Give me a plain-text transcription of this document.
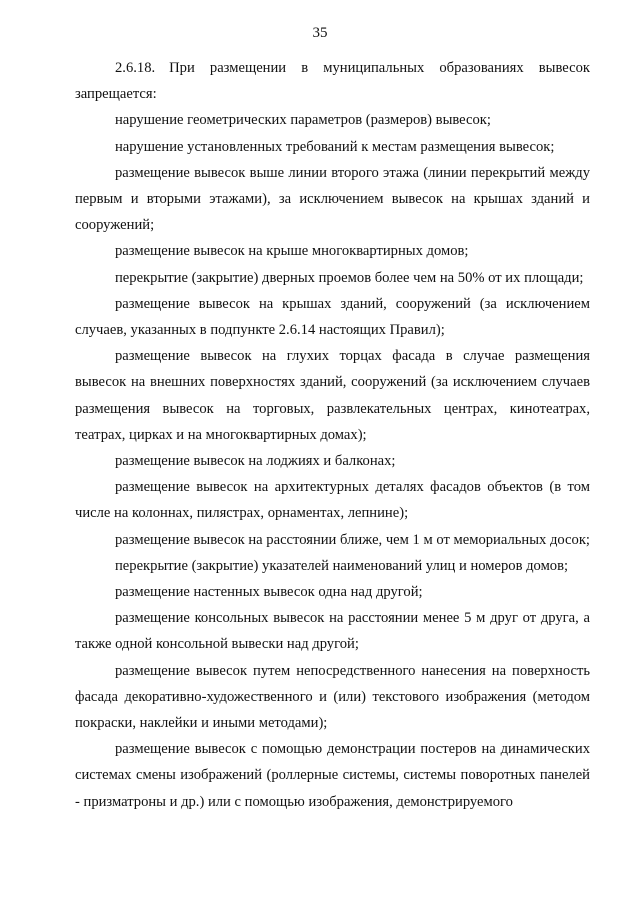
35

2.6.18. При размещении в муниципальных образованиях вывесок запрещается:

нарушение геометрических параметров (размеров) вывесок;

нарушение установленных требований к местам размещения вывесок;

размещение вывесок выше линии второго этажа (линии перекрытий между первым и вторыми этажами), за исключением вывесок на крышах зданий и сооружений;

размещение вывесок на крыше многоквартирных домов;

перекрытие (закрытие) дверных проемов более чем на 50% от их площади;

размещение вывесок на крышах зданий, сооружений (за исключением случаев, указанных в подпункте 2.6.14 настоящих Правил);

размещение вывесок на глухих торцах фасада в случае размещения вывесок на внешних поверхностях зданий, сооружений (за исключением случаев размещения вывесок на торговых, развлекательных центрах, кинотеатрах, театрах, цирках и на многоквартирных домах);

размещение вывесок на лоджиях и балконах;

размещение вывесок на архитектурных деталях фасадов объектов (в том числе на колоннах, пилястрах, орнаментах, лепнине);

размещение вывесок на расстоянии ближе, чем 1 м от мемориальных досок;

перекрытие (закрытие) указателей наименований улиц и номеров домов;

размещение настенных вывесок одна над другой;

размещение консольных вывесок на расстоянии менее 5 м друг от друга, а также одной консольной вывески над другой;

размещение вывесок путем непосредственного нанесения на поверхность фасада декоративно-художественного и (или) текстового изображения (методом покраски, наклейки и иными методами);

размещение вывесок с помощью демонстрации постеров на динамических системах смены изображений (роллерные системы, системы поворотных панелей - призматроны и др.) или с помощью изображения, демонстрируемого
